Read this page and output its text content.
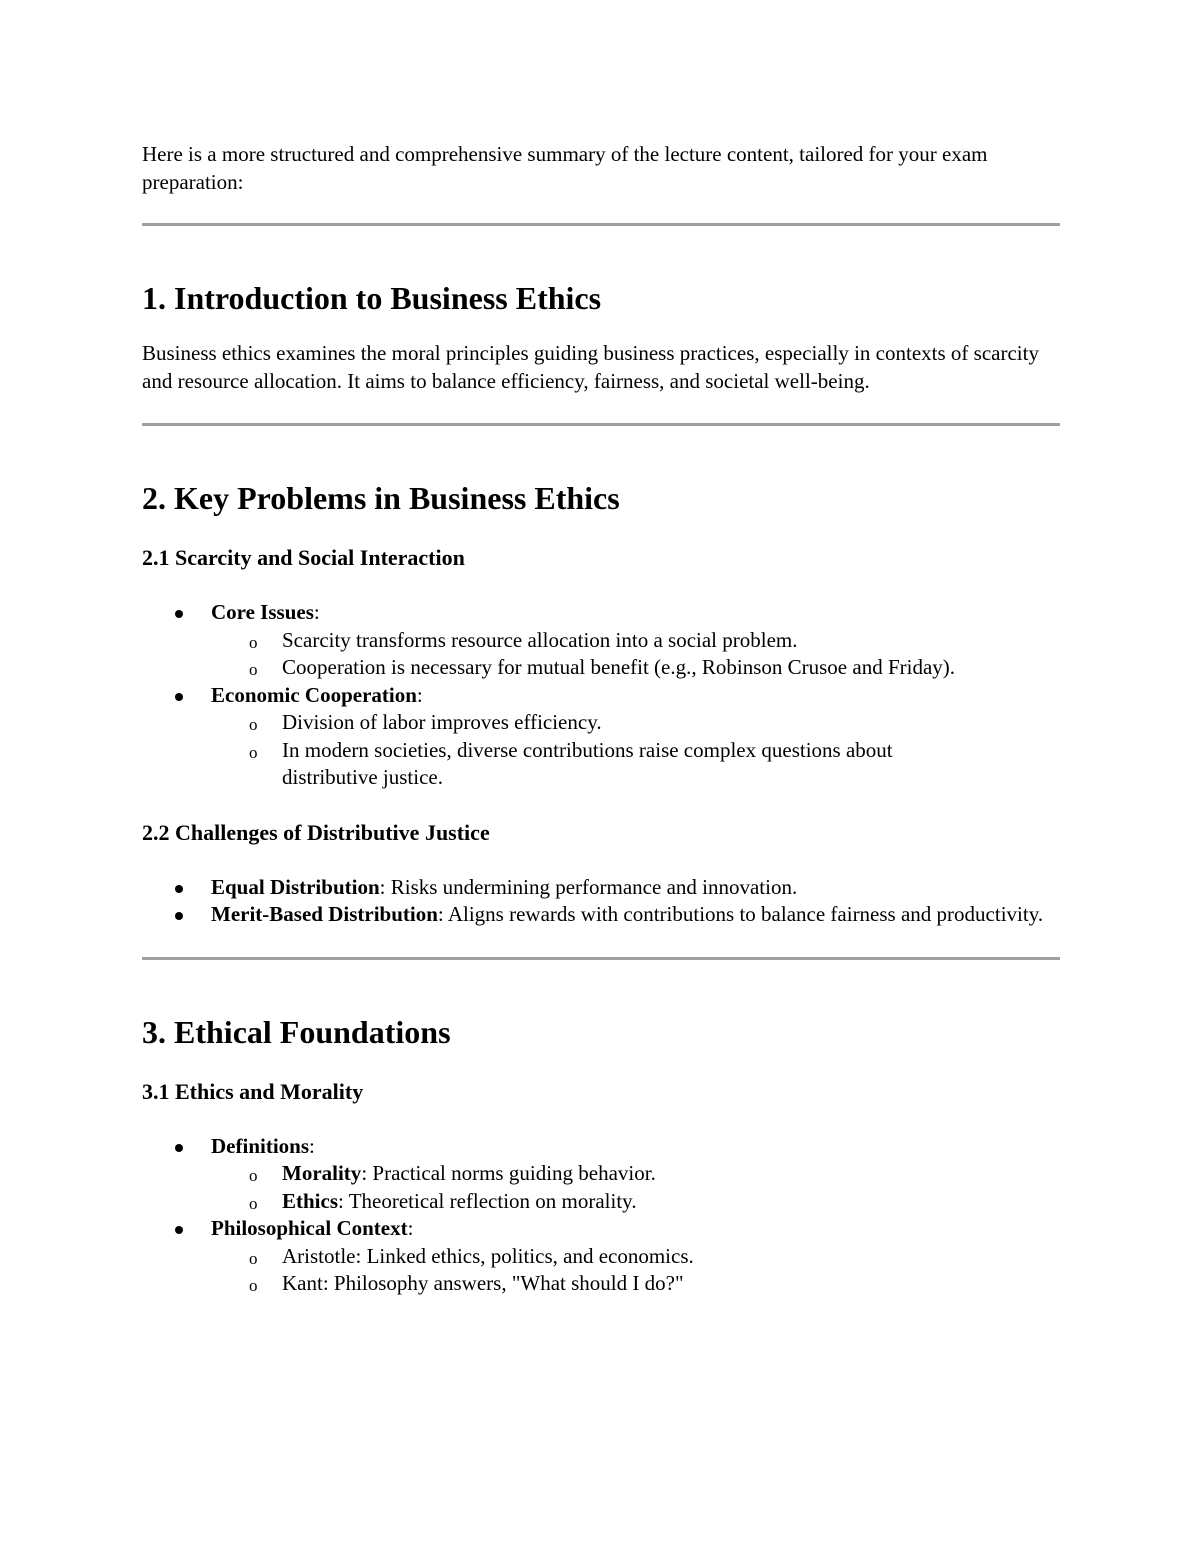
Here is a more structured and comprehensive summary of the lecture content, tailored for your exam preparation:

1. Introduction to Business Ethics

Business ethics examines the moral principles guiding business practices, especially in contexts of scarcity and resource allocation. It aims to balance efficiency, fairness, and societal well-being.

2. Key Problems in Business Ethics
2.1 Scarcity and Social Interaction
Core Issues:
o Scarcity transforms resource allocation into a social problem.
o Cooperation is necessary for mutual benefit (e.g., Robinson Crusoe and Friday).
Economic Cooperation:
o Division of labor improves efficiency.
o In modern societies, diverse contributions raise complex questions about distributive justice.
2.2 Challenges of Distributive Justice
Equal Distribution: Risks undermining performance and innovation.
Merit-Based Distribution: Aligns rewards with contributions to balance fairness and productivity.
3. Ethical Foundations
3.1 Ethics and Morality
Definitions:
o Morality: Practical norms guiding behavior.
o Ethics: Theoretical reflection on morality.
Philosophical Context:
o Aristotle: Linked ethics, politics, and economics.
o Kant: Philosophy answers, "What should I do?"
